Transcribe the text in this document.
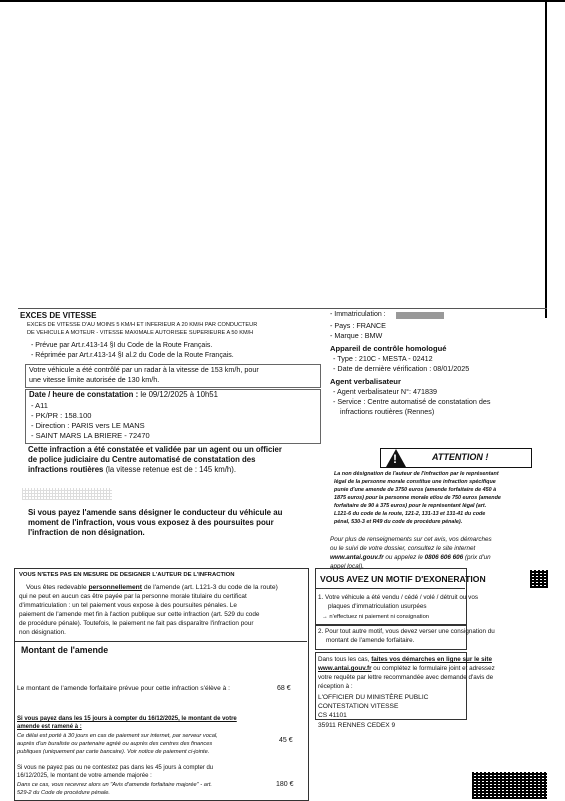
EXCES DE VITESSE
EXCES DE VITESSE D'AU MOINS 5 KM/H ET INFERIEUR A 20 KM/H PAR CONDUCTEUR
DE VEHICULE A MOTEUR - VITESSE MAXIMALE AUTORISEE SUPERIEURE A 50 KM/H
- Prévue par Art.r.413-14 §I du Code de la Route Français.
- Réprimée par Art.r.413-14 §I al.2 du Code de la Route Français.
Votre véhicule a été contrôlé par un radar à la vitesse de 153 km/h, pour
une vitesse limite autorisée de 130 km/h.
Date / heure de constatation : le 09/12/2025 à 10h51
- A11
- PK/PR : 158.100
- Direction : PARIS vers LE MANS
- SAINT MARS LA BRIERE - 72470
Cette infraction a été constatée et validée par un agent ou un officier
de police judiciaire du Centre automatisé de constatation des
infractions routières (la vitesse retenue est de : 145 km/h).
Si vous payez l'amende sans désigner le conducteur du véhicule au
moment de l'infraction, vous vous exposez à des poursuites pour
l'infraction de non désignation.
- Immatriculation :
- Pays : FRANCE
- Marque : BMW
Appareil de contrôle homologué
- Type : 210C - MESTA - 02412
- Date de dernière vérification : 08/01/2025
Agent verbalisateur
- Agent verbalisateur N°: 471839
- Service : Centre automatisé de constatation des
infractions routières (Rennes)
!
ATTENTION !
La non désignation de l'auteur de l'infraction par le représentant
légal de la personne morale constitue une infraction spécifique
punie d'une amende de 3750 euros (amende forfaitaire de 450 à
1875 euros) pour la personne morale et/ou de 750 euros (amende
forfaitaire de 90 à 375 euros) pour le représentant légal (art.
L121-6 du code de la route, 121-2, 131-13 et 131-41 du code
pénal, 530-3 et R49 du code de procédure pénale).
Pour plus de renseignements sur cet avis, vos démarches
ou le suivi de votre dossier, consultez le site internet
www.antai.gouv.fr ou appelez le 0806 606 606 (prix d'un
appel local).
VOUS N'ETES PAS EN MESURE DE DESIGNER L'AUTEUR DE L'INFRACTION
Vous êtes redevable personnellement de l'amende (art. L121-3 du code de la route)
qui ne peut en aucun cas être payée par la personne morale titulaire du certificat
d'immatriculation : un tel paiement vous expose à des poursuites pénales. Le
paiement de l'amende met fin à l'action publique sur cette infraction (art. 529 du code
de procédure pénale). Toutefois, le paiement ne fait pas disparaître l'infraction pour
non désignation.
Montant de l'amende
Le montant de l'amende forfaitaire prévue pour cette infraction s'élève à :	68 €
Si vous payez dans les 15 jours à compter du 16/12/2025, le montant de votre
amende est ramené à :
Ce délai est porté à 30 jours en cas de paiement sur internet, par serveur vocal,
auprès d'un buraliste ou partenaire agréé ou auprès des centres des finances
publiques (uniquement par carte bancaire). Voir notice de paiement ci-jointe.
45 €
Si vous ne payez pas ou ne contestez pas dans les 45 jours à compter du
16/12/2025, le montant de votre amende majorée :
Dans ce cas, vous recevrez alors un "Avis d'amende forfaitaire majorée" - art.
529-2 du Code de procédure pénale.
180 €
VOUS AVEZ UN MOTIF D'EXONERATION
1. Votre véhicule a été vendu / cédé / volé / détruit ou vos
plaques d'immatriculation usurpées
→ n'effectuez ni paiement ni consignation
2. Pour tout autre motif, vous devez verser une consignation du
montant de l'amende forfaitaire.
Dans tous les cas, faites vos démarches en ligne sur le site
www.antai.gouv.fr ou complétez le formulaire joint et adressez
votre requête par lettre recommandée avec demande d'avis de
réception à :
L'OFFICIER DU MINISTÈRE PUBLIC
CONTESTATION VITESSE
CS 41101
35911 RENNES CEDEX 9
